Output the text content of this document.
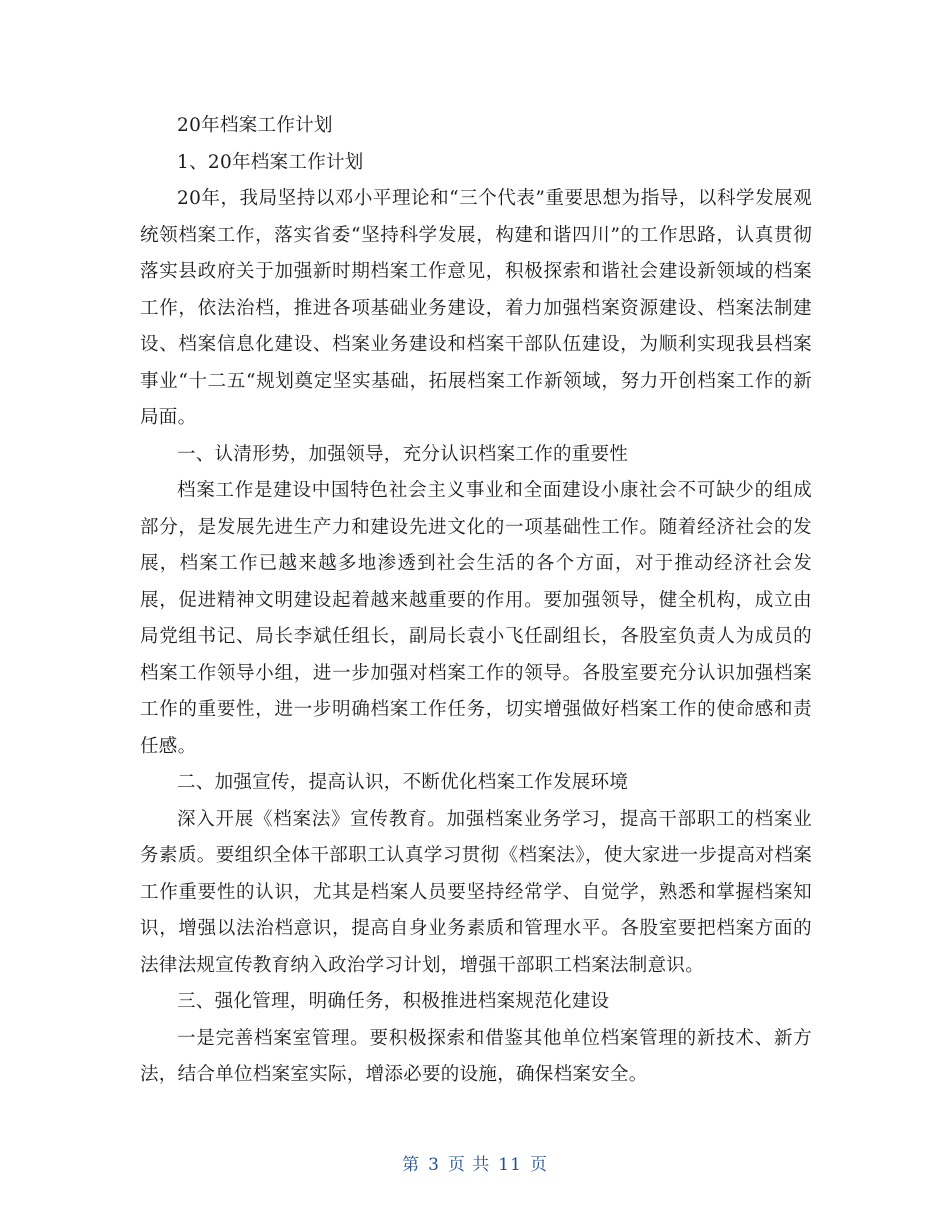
20年档案工作计划

1、20年档案工作计划

20年，我局坚持以邓小平理论和“三个代表”重要思想为指导，以科学发展观统领档案工作，落实省委“坚持科学发展，构建和谐四川”的工作思路，认真贯彻落实县政府关于加强新时期档案工作意见，积极探索和谐社会建设新领域的档案工作，依法治档，推进各项基础业务建设，着力加强档案资源建设、档案法制建设、档案信息化建设、档案业务建设和档案干部队伍建设，为顺利实现我县档案事业“十二五“规划奠定坚实基础，拓展档案工作新领域，努力开创档案工作的新局面。

一、认清形势，加强领导，充分认识档案工作的重要性

档案工作是建设中国特色社会主义事业和全面建设小康社会不可缺少的组成部分，是发展先进生产力和建设先进文化的一项基础性工作。随着经济社会的发展，档案工作已越来越多地渗透到社会生活的各个方面，对于推动经济社会发展，促进精神文明建设起着越来越重要的作用。要加强领导，健全机构，成立由局党组书记、局长李斌任组长，副局长袁小飞任副组长，各股室负责人为成员的档案工作领导小组，进一步加强对档案工作的领导。各股室要充分认识加强档案工作的重要性，进一步明确档案工作任务，切实增强做好档案工作的使命感和责任感。

二、加强宣传，提高认识，不断优化档案工作发展环境

深入开展《档案法》宣传教育。加强档案业务学习，提高干部职工的档案业务素质。要组织全体干部职工认真学习贯彻《档案法》，使大家进一步提高对档案工作重要性的认识，尤其是档案人员要坚持经常学、自觉学，熟悉和掌握档案知识，增强以法治档意识，提高自身业务素质和管理水平。各股室要把档案方面的法律法规宣传教育纳入政治学习计划，增强干部职工档案法制意识。

三、强化管理，明确任务，积极推进档案规范化建设

一是完善档案室管理。要积极探索和借鉴其他单位档案管理的新技术、新方法，结合单位档案室实际，增添必要的设施，确保档案安全。

第 3 页 共 11 页
